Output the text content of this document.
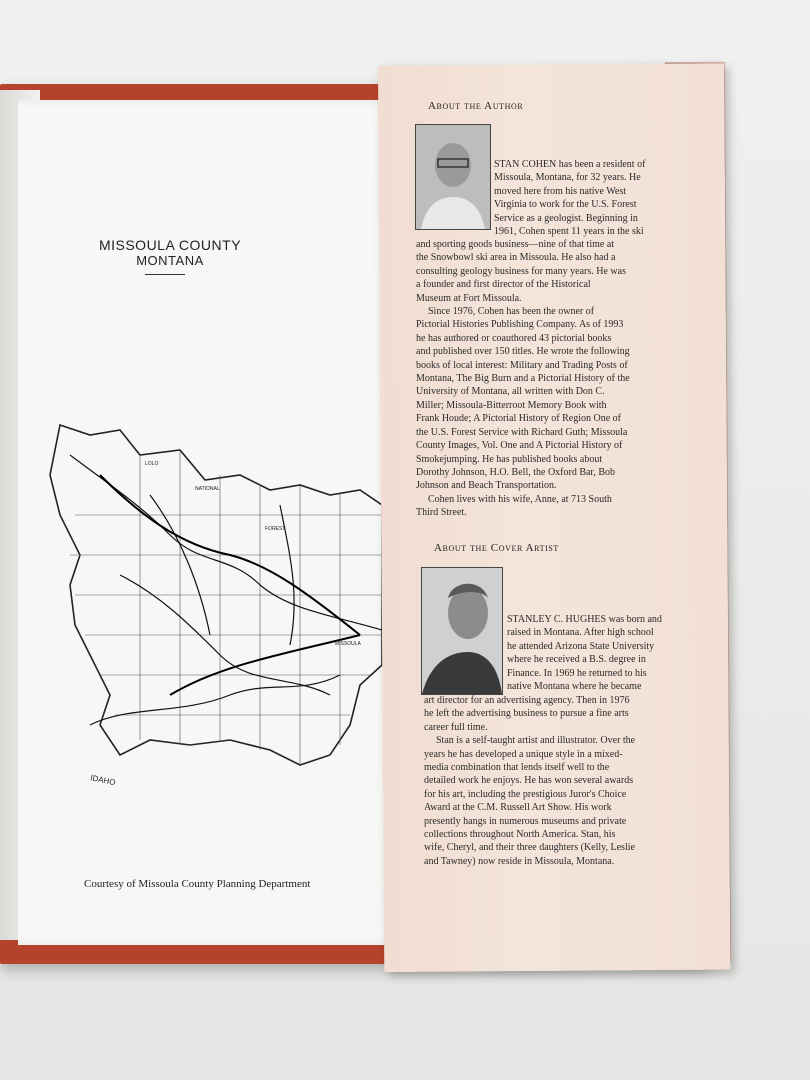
MISSOULA COUNTY
MONTANA
IDAHO
LOLO
NATIONAL
FOREST
MISSOULA
Courtesy of Missoula County Planning Department
About the Author
STAN COHEN has been a resident of
Missoula, Montana, for 32 years. He
moved here from his native West
Virginia to work for the U.S. Forest
Service as a geologist. Beginning in
1961, Cohen spent 11 years in the ski
and sporting goods business—nine of that time at
the Snowbowl ski area in Missoula. He also had a
consulting geology business for many years. He was
a founder and first director of the Historical
Museum at Fort Missoula.
Since 1976, Cohen has been the owner of
Pictorial Histories Publishing Company. As of 1993
he has authored or coauthored 43 pictorial books
and published over 150 titles. He wrote the following
books of local interest: Military and Trading Posts of
Montana, The Big Burn and a Pictorial History of the
University of Montana, all written with Don C.
Miller; Missoula-Bitterroot Memory Book with
Frank Houde; A Pictorial History of Region One of
the U.S. Forest Service with Richard Guth; Missoula
County Images, Vol. One and A Pictorial History of
Smokejumping. He has published books about
Dorothy Johnson, H.O. Bell, the Oxford Bar, Bob
Johnson and Beach Transportation.
Cohen lives with his wife, Anne, at 713 South
Third Street.
About the Cover Artist
STANLEY C. HUGHES was born and
raised in Montana. After high school
he attended Arizona State University
where he received a B.S. degree in
Finance. In 1969 he returned to his
native Montana where he became
art director for an advertising agency. Then in 1976
he left the advertising business to pursue a fine arts
career full time.
Stan is a self-taught artist and illustrator. Over the
years he has developed a unique style in a mixed-
media combination that lends itself well to the
detailed work he enjoys. He has won several awards
for his art, including the prestigious Juror's Choice
Award at the C.M. Russell Art Show. His work
presently hangs in numerous museums and private
collections throughout North America. Stan, his
wife, Cheryl, and their three daughters (Kelly, Leslie
and Tawney) now reside in Missoula, Montana.
